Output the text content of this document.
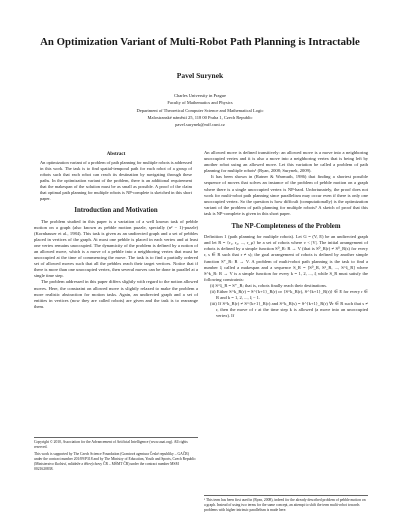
An Optimization Variant of Multi-Robot Path Planning is Intractable
Pavel Surynek
Charles University in Prague
Faculty of Mathematics and Physics
Department of Theoretical Computer Science and Mathematical Logic
Malostranské náměstí 25, 118 00 Praha 1, Czech Republic
pavel.surynek@mff.cuni.cz
Abstract
An optimization variant of a problem of path planning for multiple robots is addressed in this work. The task is to find spatial-temporal path for each robot of a group of robots such that each robot can reach its destination by navigating through these paths. In the optimization variant of the problem, there is an additional requirement that the makespan of the solution must be as small as possible. A proof of the claim that optimal path planning for multiple robots is NP-complete is sketched in this short paper.
Introduction and Motivation

The problem studied in this paper is a variation of a well known task of pebble motion on a graph (also known as pebble motion puzzle, specially (n² − 1)-puzzle) (Kornhauser et al., 1984). This task is given as an undirected graph and a set of pebbles placed in vertices of the graph. At most one pebble is placed in each vertex and at least one vertex remains unoccupied. The dynamicity of the problem is defined by a notion of an allowed move, which is a move of a pebble into a neighboring vertex that must be unoccupied at the time of commencing the move. The task is to find a partially ordered set of allowed moves such that all the pebbles reach their target vertices. Notice that if there is more than one unoccupied vertex, then several moves can be done in parallel at a single time step.

The problem addressed in this paper differs slightly with regard to the notion allowed moves. Here, the constraint on allowed move is slightly relaxed to make the problem a more realistic abstraction for motion tasks. Again, an undirected graph and a set of entities in vertices (now they are called robots) are given and the task is to rearrange them.

An allowed move is defined transitively: an allowed move is a move into a neighboring unoccupied vertex and it is also a move into a neighboring vertex that is being left by another robot using an allowed move. Let this variation be called a problem of path planning for multiple robots¹ (Ryan, 2008; Surynek, 2009).

It has been shown in (Ratner & Warmuth, 1986) that finding a shortest possible sequence of moves that solves an instance of the problem of pebble motion on a graph where there is a single unoccupied vertex is NP-hard. Unfortunately, the proof does not work for multi-robot path planning since parallelism may occur even if there is only one unoccupied vertex. So the question is how difficult (computationally) is the optimization variant of the problem of path planning for multiple robots? A sketch of proof that this task is NP-complete is given in this short paper.

The NP-Completeness of the Problem

Definition 1 (path planning for multiple robots). Let G = (V, E) be an undirected graph and let R = {r₁, r₂, ..., r_μ} be a set of robots where ν < |V|. The initial arrangement of robots is defined by a simple function S⁰_R: R → V (that is S⁰_R(r) ≠ S⁰_R(s) for every r, s ∈ R such that r ≠ s); the goal arrangement of robots is defined by another simple function S⁺_R: R → V. A problem of multi-robot path planning is the task to find a number ξ called a makespan and a sequence S_R = [S⁰_R, S¹_R, ..., S^ξ_R] where S^k_R: R → V is a simple function for every k = 1, 2, ..., ξ while S_R must satisfy the following constraints:

(i) S^ξ_R = S⁺_R; that is, robots finally reach their destinations.
(ii) Either S^k_R(r) = S^{k+1}_R(r) or {S^k_R(r), S^{k+1}_R(r)} ∈ E for every r ∈ R and k = 1, 2, ..., ξ − 1.
(iii) If S^k_R(r) ≠ S^{k+1}_R(r) and S^k_R(s) = S^{k+1}_R(r) ∀r ∈ R such that s ≠ r, then the move of r at the time step k is allowed (a move into an unoccupied vertex). If
Copyright © 2010, Association for the Advancement of Artificial Intelligence (www.aaai.org). All rights reserved.
This work is supported by The Czech Science Foundation (Grantová agentura České republiky – GAČR) under the contract number 201/09/P318 and by The Ministry of Education, Youth and Sports, Czech Republic (Ministerstvo školství, mládeže a tělovýchovy ČR – MŠMT ČR) under the contract number MSM 0021620838.
¹ This term has been first used in (Ryan, 2008), indeed for the already described problem of pebble motion on a graph. Instead of using two terms for the same concept, an attempt to shift the term multi-robot towards problems with higher intrinsic parallelism is made here.
